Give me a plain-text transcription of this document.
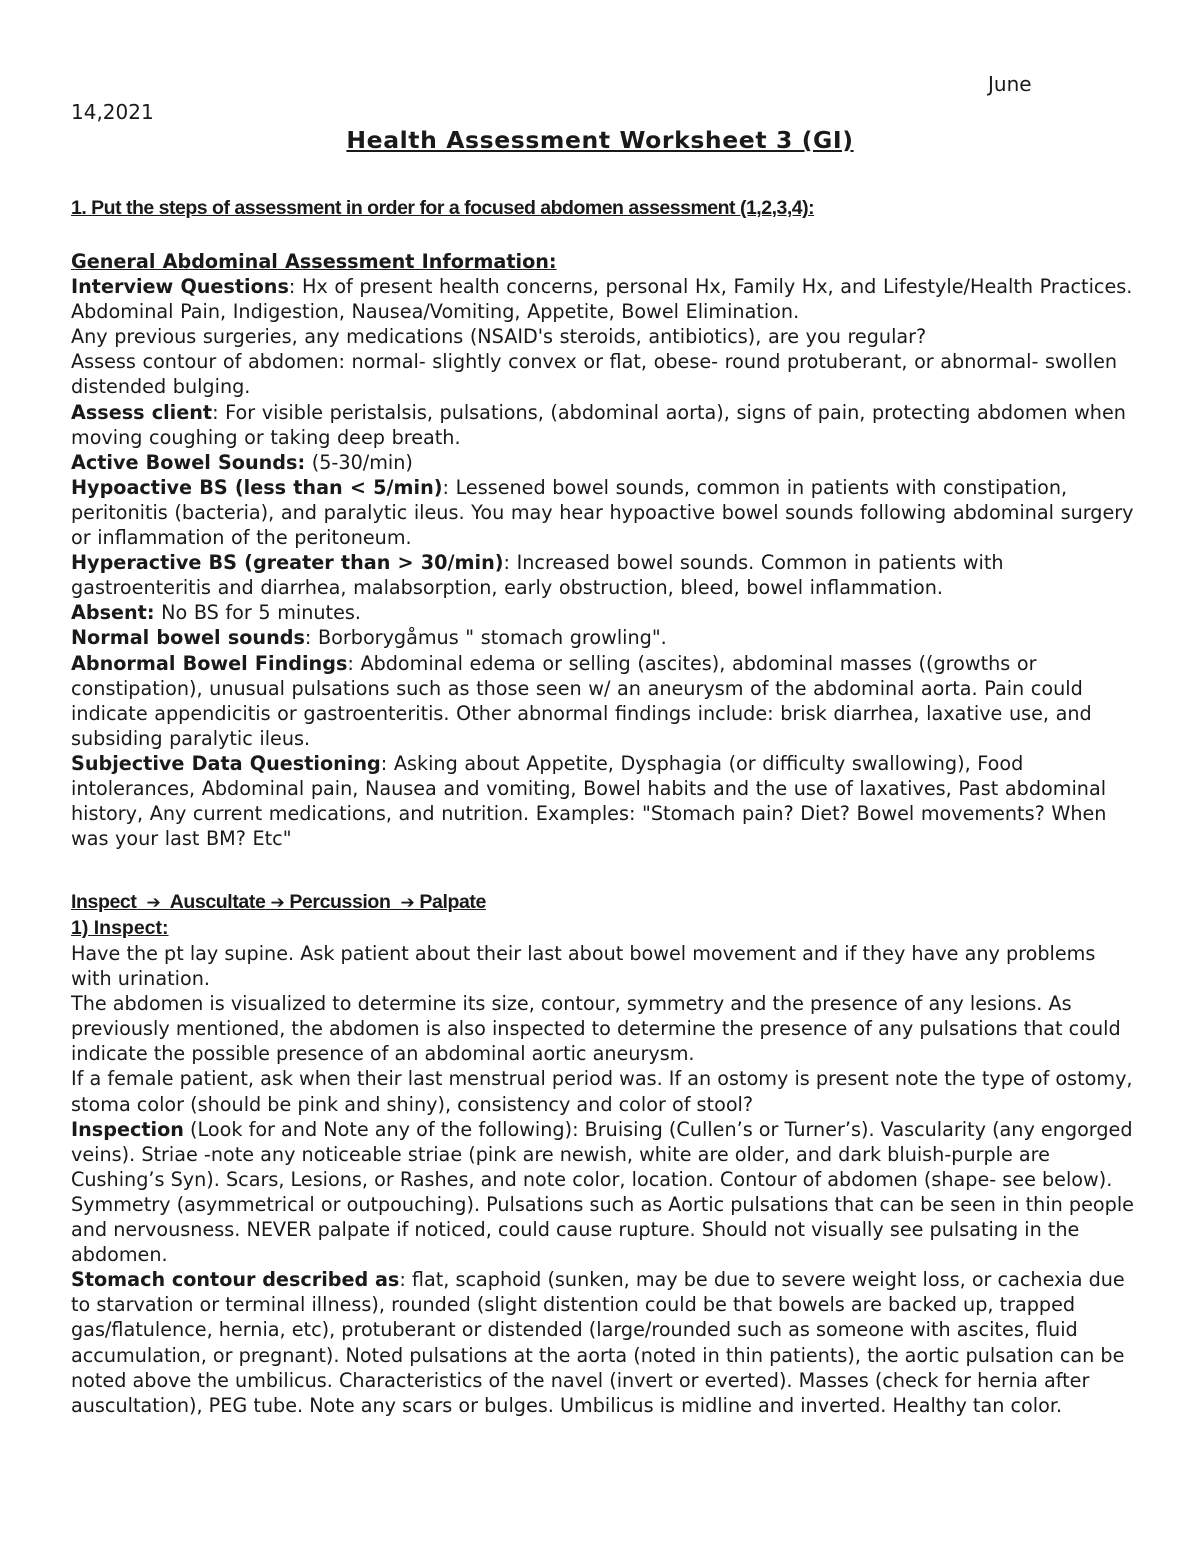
June

14,2021

Health Assessment Worksheet 3 (GI)

1. Put the steps of assessment in order for a focused abdomen assessment (1,2,3,4):

General Abdominal Assessment Information:

Interview Questions: Hx of present health concerns, personal Hx, Family Hx, and Lifestyle/Health Practices.

Abdominal Pain, Indigestion, Nausea/Vomiting, Appetite, Bowel Elimination.

Any previous surgeries, any medications (NSAID's steroids, antibiotics), are you regular?

Assess contour of abdomen: normal- slightly convex or flat, obese- round protuberant, or abnormal- swollen distended bulging.

Assess client: For visible peristalsis, pulsations, (abdominal aorta), signs of pain, protecting abdomen when moving coughing or taking deep breath.

Active Bowel Sounds: (5-30/min)

Hypoactive BS (less than < 5/min): Lessened bowel sounds, common in patients with constipation, peritonitis (bacteria), and paralytic ileus. You may hear hypoactive bowel sounds following abdominal surgery or inflammation of the peritoneum.

Hyperactive BS (greater than > 30/min): Increased bowel sounds. Common in patients with gastroenteritis and diarrhea, malabsorption, early obstruction, bleed, bowel inflammation.

Absent: No BS for 5 minutes.

Normal bowel sounds: Borborygåmus " stomach growling".

Abnormal Bowel Findings: Abdominal edema or selling (ascites), abdominal masses ((growths or constipation), unusual pulsations such as those seen w/ an aneurysm of the abdominal aorta. Pain could indicate appendicitis or gastroenteritis. Other abnormal findings include: brisk diarrhea, laxative use, and subsiding paralytic ileus.

Subjective Data Questioning: Asking about Appetite, Dysphagia (or difficulty swallowing), Food intolerances, Abdominal pain, Nausea and vomiting, Bowel habits and the use of laxatives, Past abdominal history, Any current medications, and nutrition. Examples: "Stomach pain? Diet? Bowel movements? When was your last BM? Etc"

Inspect ➔ Auscultate ➔ Percussion ➔ Palpate

1) Inspect:

Have the pt lay supine. Ask patient about their last about bowel movement and if they have any problems with urination.

The abdomen is visualized to determine its size, contour, symmetry and the presence of any lesions. As previously mentioned, the abdomen is also inspected to determine the presence of any pulsations that could indicate the possible presence of an abdominal aortic aneurysm.

If a female patient, ask when their last menstrual period was. If an ostomy is present note the type of ostomy, stoma color (should be pink and shiny), consistency and color of stool?

Inspection (Look for and Note any of the following): Bruising (Cullen’s or Turner’s). Vascularity (any engorged veins). Striae -note any noticeable striae (pink are newish, white are older, and dark bluish-purple are Cushing’s Syn). Scars, Lesions, or Rashes, and note color, location. Contour of abdomen (shape- see below). Symmetry (asymmetrical or outpouching). Pulsations such as Aortic pulsations that can be seen in thin people and nervousness. NEVER palpate if noticed, could cause rupture. Should not visually see pulsating in the abdomen.

Stomach contour described as: flat, scaphoid (sunken, may be due to severe weight loss, or cachexia due to starvation or terminal illness), rounded (slight distention could be that bowels are backed up, trapped gas/flatulence, hernia, etc), protuberant or distended (large/rounded such as someone with ascites, fluid accumulation, or pregnant). Noted pulsations at the aorta (noted in thin patients), the aortic pulsation can be noted above the umbilicus. Characteristics of the navel (invert or everted). Masses (check for hernia after auscultation), PEG tube. Note any scars or bulges. Umbilicus is midline and inverted. Healthy tan color.
